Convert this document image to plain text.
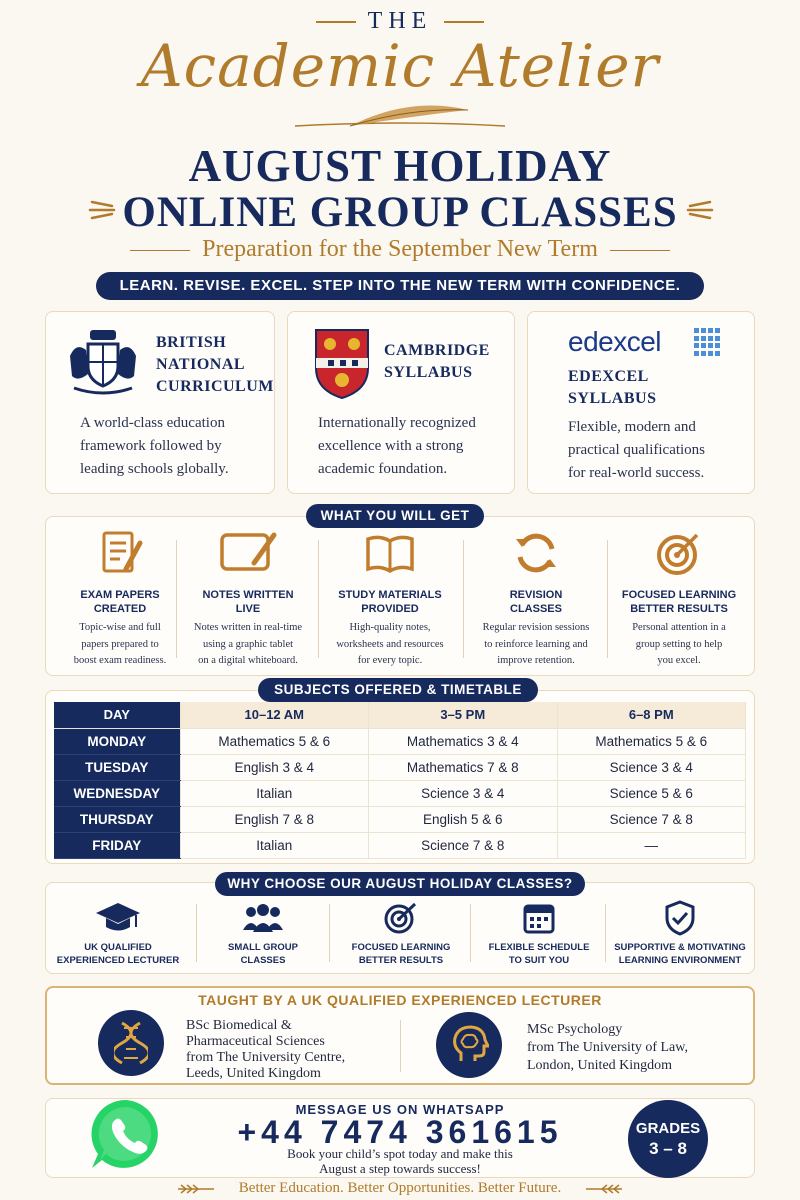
THE
Academic Atelier
AUGUST HOLIDAY
ONLINE GROUP CLASSES
Preparation for the September New Term
LEARN. REVISE. EXCEL. STEP INTO THE NEW TERM WITH CONFIDENCE.
BRITISH
NATIONAL
CURRICULUM
A world-class education
framework followed by
leading schools globally.
CAMBRIDGE
SYLLABUS
Internationally recognized
excellence with a strong
academic foundation.
edexcel
EDEXCEL
SYLLABUS
Flexible, modern and
practical qualifications
for real-world success.
WHAT YOU WILL GET
EXAM PAPERS
CREATED
Topic-wise and full
papers prepared to
boost exam readiness.
NOTES WRITTEN
LIVE
Notes written in real-time
using a graphic tablet
on a digital whiteboard.
STUDY MATERIALS
PROVIDED
High-quality notes,
worksheets and resources
for every topic.
REVISION
CLASSES
Regular revision sessions
to reinforce learning and
improve retention.
FOCUSED LEARNING
BETTER RESULTS
Personal attention in a
group setting to help
you excel.
SUBJECTS OFFERED & TIMETABLE
DAY	10–12 AM	3–5 PM	6–8 PM
MONDAY	Mathematics 5 & 6	Mathematics 3 & 4	Mathematics 5 & 6
TUESDAY	English 3 & 4	Mathematics 7 & 8	Science 3 & 4
WEDNESDAY	Italian	Science 3 & 4	Science 5 & 6
THURSDAY	English 7 & 8	English 5 & 6	Science 7 & 8
FRIDAY	Italian	Science 7 & 8	—
WHY CHOOSE OUR AUGUST HOLIDAY CLASSES?
UK QUALIFIED
EXPERIENCED LECTURER
SMALL GROUP
CLASSES
FOCUSED LEARNING
BETTER RESULTS
FLEXIBLE SCHEDULE
TO SUIT YOU
SUPPORTIVE & MOTIVATING
LEARNING ENVIRONMENT
TAUGHT BY A UK QUALIFIED EXPERIENCED LECTURER
BSc Biomedical &
Pharmaceutical Sciences
from The University Centre,
Leeds, United Kingdom
MSc Psychology
from The University of Law,
London, United Kingdom
MESSAGE US ON WHATSAPP
+44 7474 361615
Book your child’s spot today and make this
August a step towards success!
GRADES
3 – 8
Better Education. Better Opportunities. Better Future.
